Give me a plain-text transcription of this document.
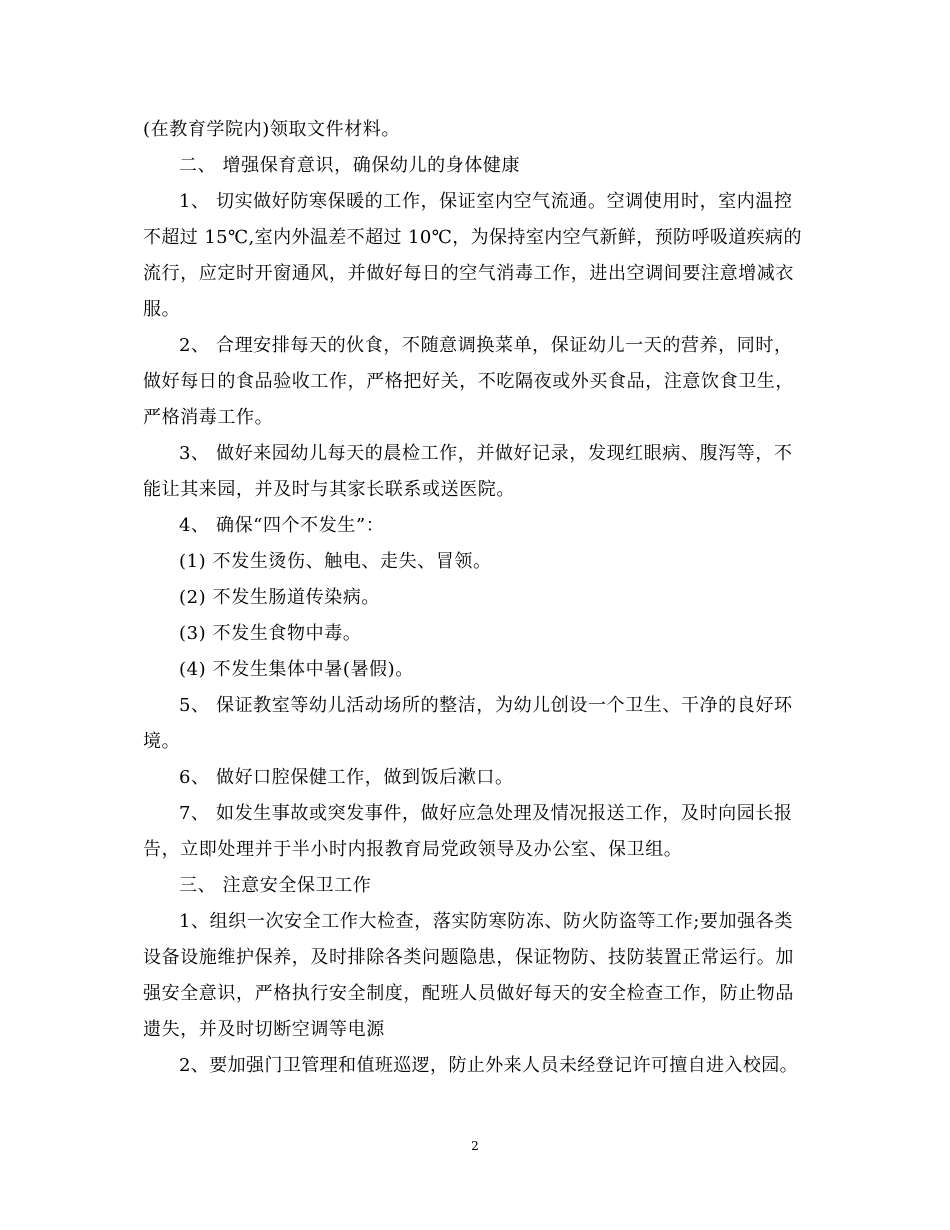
(在教育学院内)领取文件材料。
二、 增强保育意识，确保幼儿的身体健康
1、 切实做好防寒保暖的工作，保证室内空气流通。空调使用时，室内温控
不超过 15℃,室内外温差不超过 10℃，为保持室内空气新鲜，预防呼吸道疾病的
流行，应定时开窗通风，并做好每日的空气消毒工作，进出空调间要注意增减衣
服。
2、 合理安排每天的伙食，不随意调换菜单，保证幼儿一天的营养，同时，
做好每日的食品验收工作，严格把好关，不吃隔夜或外买食品，注意饮食卫生，
严格消毒工作。
3、 做好来园幼儿每天的晨检工作，并做好记录，发现红眼病、腹泻等，不
能让其来园，并及时与其家长联系或送医院。
4、 确保“四个不发生”：
(1) 不发生烫伤、触电、走失、冒领。
(2) 不发生肠道传染病。
(3) 不发生食物中毒。
(4) 不发生集体中暑(暑假)。
5、 保证教室等幼儿活动场所的整洁，为幼儿创设一个卫生、干净的良好环
境。
6、 做好口腔保健工作，做到饭后漱口。
7、 如发生事故或突发事件，做好应急处理及情况报送工作，及时向园长报
告，立即处理并于半小时内报教育局党政领导及办公室、保卫组。
三、 注意安全保卫工作
1、组织一次安全工作大检查，落实防寒防冻、防火防盗等工作;要加强各类
设备设施维护保养，及时排除各类问题隐患，保证物防、技防装置正常运行。加
强安全意识，严格执行安全制度，配班人员做好每天的安全检查工作，防止物品
遗失，并及时切断空调等电源
2、要加强门卫管理和值班巡逻，防止外来人员未经登记许可擅自进入校园。
2
